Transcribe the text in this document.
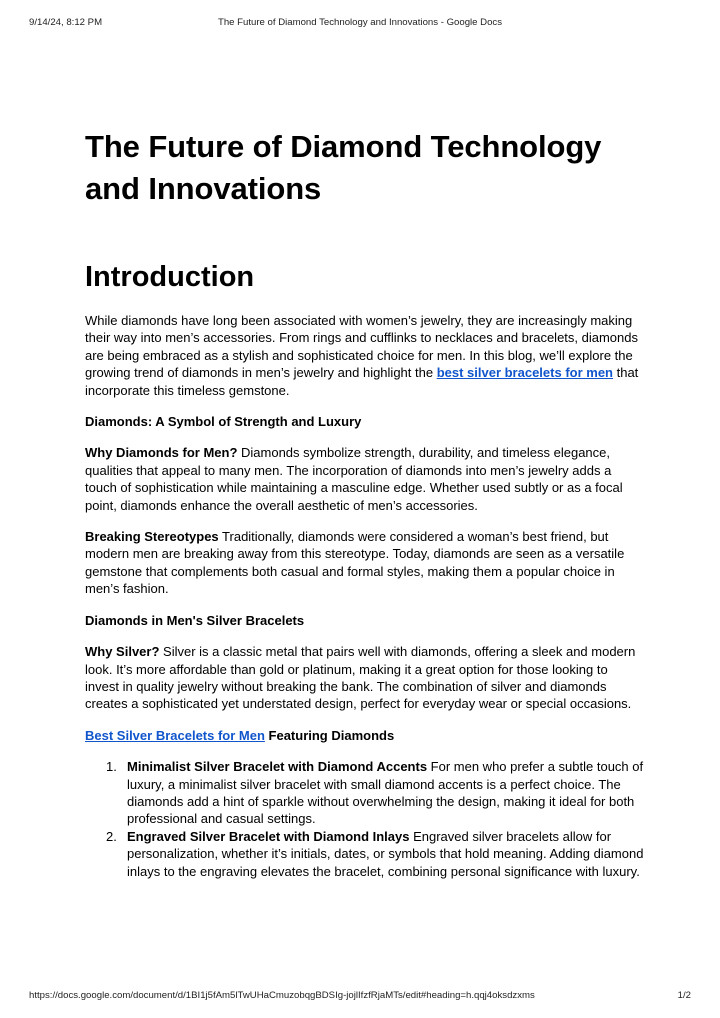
9/14/24, 8:12 PM	The Future of Diamond Technology and Innovations - Google Docs
The Future of Diamond Technology and Innovations
Introduction

While diamonds have long been associated with women’s jewelry, they are increasingly making their way into men’s accessories. From rings and cufflinks to necklaces and bracelets, diamonds are being embraced as a stylish and sophisticated choice for men. In this blog, we’ll explore the growing trend of diamonds in men’s jewelry and highlight the best silver bracelets for men that incorporate this timeless gemstone.

Diamonds: A Symbol of Strength and Luxury

Why Diamonds for Men? Diamonds symbolize strength, durability, and timeless elegance, qualities that appeal to many men. The incorporation of diamonds into men’s jewelry adds a touch of sophistication while maintaining a masculine edge. Whether used subtly or as a focal point, diamonds enhance the overall aesthetic of men’s accessories.

Breaking Stereotypes Traditionally, diamonds were considered a woman’s best friend, but modern men are breaking away from this stereotype. Today, diamonds are seen as a versatile gemstone that complements both casual and formal styles, making them a popular choice in men’s fashion.

Diamonds in Men's Silver Bracelets

Why Silver? Silver is a classic metal that pairs well with diamonds, offering a sleek and modern look. It’s more affordable than gold or platinum, making it a great option for those looking to invest in quality jewelry without breaking the bank. The combination of silver and diamonds creates a sophisticated yet understated design, perfect for everyday wear or special occasions.

Best Silver Bracelets for Men Featuring Diamonds

1. Minimalist Silver Bracelet with Diamond Accents For men who prefer a subtle touch of luxury, a minimalist silver bracelet with small diamond accents is a perfect choice. The diamonds add a hint of sparkle without overwhelming the design, making it ideal for both professional and casual settings.
2. Engraved Silver Bracelet with Diamond Inlays Engraved silver bracelets allow for personalization, whether it’s initials, dates, or symbols that hold meaning. Adding diamond inlays to the engraving elevates the bracelet, combining personal significance with luxury.
https://docs.google.com/document/d/1BI1j5fAm5lTwUHaCmuzobqgBDSIg-jojlIfzfRjaMTs/edit#heading=h.qqj4oksdzxms	1/2
